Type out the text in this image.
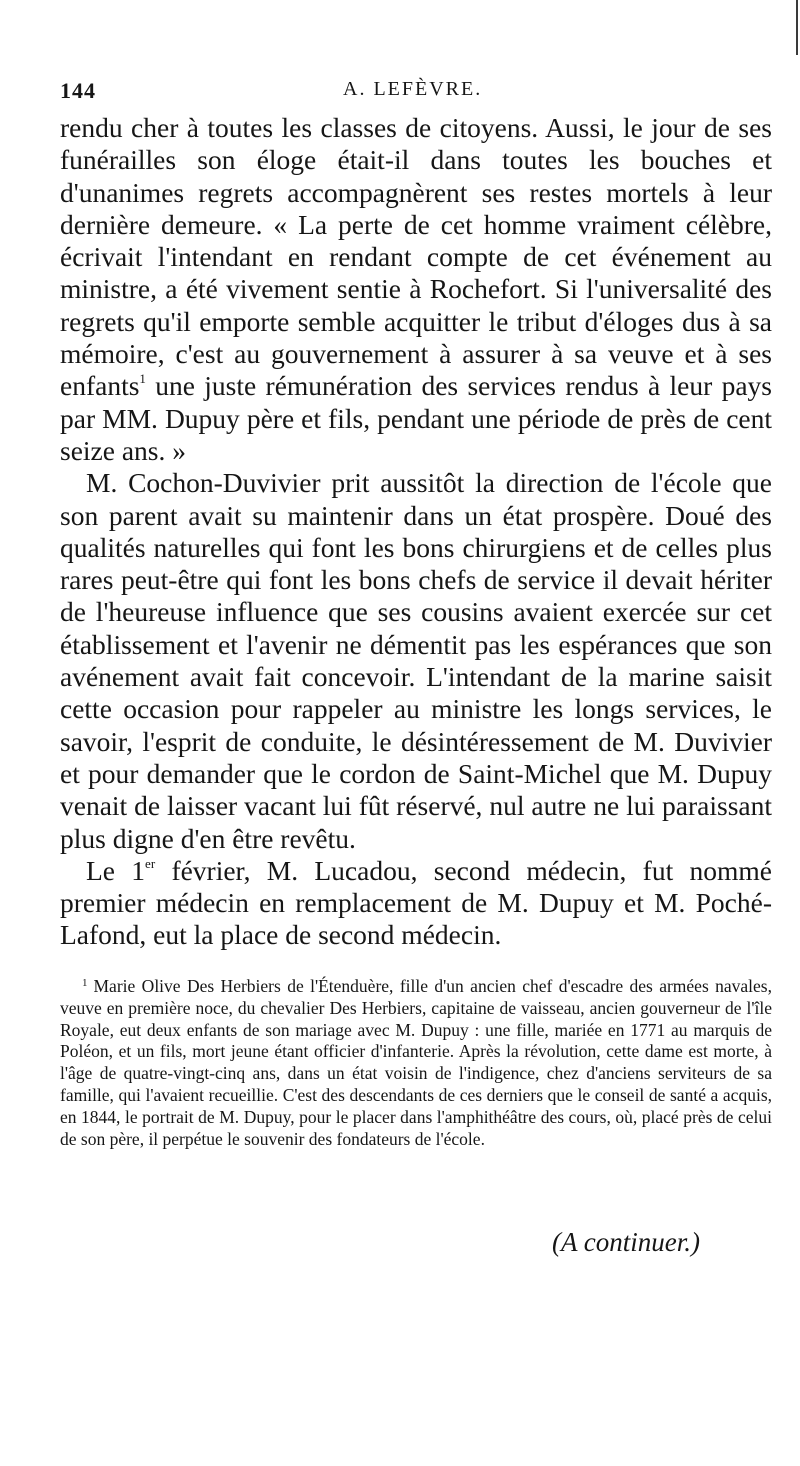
144	A. LEFÈVRE.

rendu cher à toutes les classes de citoyens. Aussi, le jour de ses funérailles son éloge était-il dans toutes les bouches et d'unanimes regrets accompagnèrent ses restes mortels à leur dernière demeure. « La perte de cet homme vraiment célèbre, écrivait l'intendant en rendant compte de cet événement au ministre, a été vivement sentie à Rochefort. Si l'universalité des regrets qu'il emporte semble acquitter le tribut d'éloges dus à sa mémoire, c'est au gouvernement à assurer à sa veuve et à ses enfants$^1$ une juste rémunération des services rendus à leur pays par MM. Dupuy père et fils, pendant une période de près de cent seize ans. »

M. Cochon-Duvivier prit aussitôt la direction de l'école que son parent avait su maintenir dans un état prospère. Doué des qualités naturelles qui font les bons chirurgiens et de celles plus rares peut-être qui font les bons chefs de service il devait hériter de l'heureuse influence que ses cousins avaient exercée sur cet établissement et l'avenir ne démentit pas les espérances que son avénement avait fait concevoir. L'intendant de la marine saisit cette occasion pour rappeler au ministre les longs services, le savoir, l'esprit de conduite, le désintéressement de M. Duvivier et pour demander que le cordon de Saint-Michel que M. Dupuy venait de laisser vacant lui fût réservé, nul autre ne lui paraissant plus digne d'en être revêtu.

Le 1er février, M. Lucadou, second médecin, fut nommé premier médecin en remplacement de M. Dupuy et M. Poché-Lafond, eut la place de second médecin.

$^1$ Marie Olive Des Herbiers de l'Étenduère, fille d'un ancien chef d'escadre des armées navales, veuve en première noce, du chevalier Des Herbiers, capitaine de vaisseau, ancien gouverneur de l'île Royale, eut deux enfants de son mariage avec M. Dupuy : une fille, mariée en 1771 au marquis de Poléon, et un fils, mort jeune étant officier d'infanterie. Après la révolution, cette dame est morte, à l'âge de quatre-vingt-cinq ans, dans un état voisin de l'indigence, chez d'anciens serviteurs de sa famille, qui l'avaient recueillie. C'est des descendants de ces derniers que le conseil de santé a acquis, en 1844, le portrait de M. Dupuy, pour le placer dans l'amphithéâtre des cours, où, placé près de celui de son père, il perpétue le souvenir des fondateurs de l'école.

(A continuer.)
